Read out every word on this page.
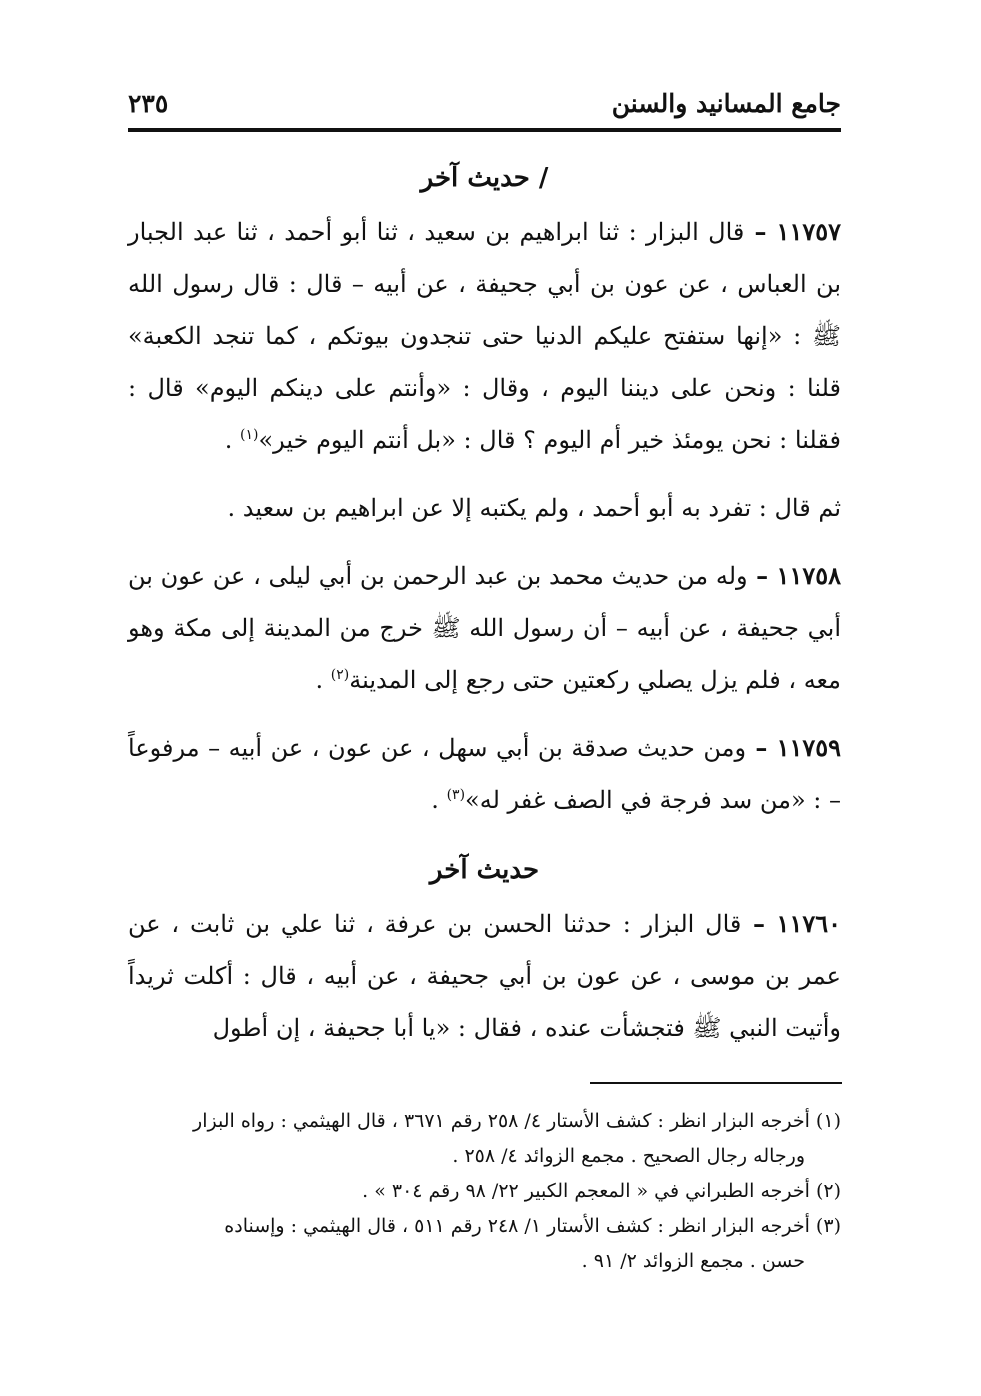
جامع المسانيد والسنن
٢٣٥
/ حديث آخر

١١٧٥٧ – قال البزار : ثنا ابراهيم بن سعيد ، ثنا أبو أحمد ، ثنا عبد الجبار بن العباس ، عن عون بن أبي جحيفة ، عن أبيه – قال : قال رسول الله ﷺ : «إنها ستفتح عليكم الدنيا حتى تنجدون بيوتكم ، كما تنجد الكعبة» قلنا : ونحن على ديننا اليوم ، وقال : «وأنتم على دينكم اليوم» قال : فقلنا : نحن يومئذ خير أم اليوم ؟ قال : «بل أنتم اليوم خير»$^{(١)}$ .

ثم قال : تفرد به أبو أحمد ، ولم يكتبه إلا عن ابراهيم بن سعيد .

١١٧٥٨ – وله من حديث محمد بن عبد الرحمن بن أبي ليلى ، عن عون بن أبي جحيفة ، عن أبيه – أن رسول الله ﷺ خرج من المدينة إلى مكة وهو معه ، فلم يزل يصلي ركعتين حتى رجع إلى المدينة$^{(٢)}$ .

١١٧٥٩ – ومن حديث صدقة بن أبي سهل ، عن عون ، عن أبيه – مرفوعاً – : «من سد فرجة في الصف غفر له»$^{(٣)}$ .

حديث آخر

١١٧٦٠ – قال البزار : حدثنا الحسن بن عرفة ، ثنا علي بن ثابت ، عن عمر بن موسى ، عن عون بن أبي جحيفة ، عن أبيه ، قال : أكلت ثريداً وأتيت النبي ﷺ فتجشأت عنده ، فقال : «يا أبا جحيفة ، إن أطول

(١) أخرجه البزار انظر : كشف الأستار ٤/ ٢٥٨ رقم ٣٦٧١ ، قال الهيثمي : رواه البزار

ورجاله رجال الصحيح . مجمع الزوائد ٤/ ٢٥٨ .

(٢) أخرجه الطبراني في « المعجم الكبير ٢٢/ ٩٨ رقم ٣٠٤ » .

(٣) أخرجه البزار انظر : كشف الأستار ١/ ٢٤٨ رقم ٥١١ ، قال الهيثمي : وإسناده

حسن . مجمع الزوائد ٢/ ٩١ .
